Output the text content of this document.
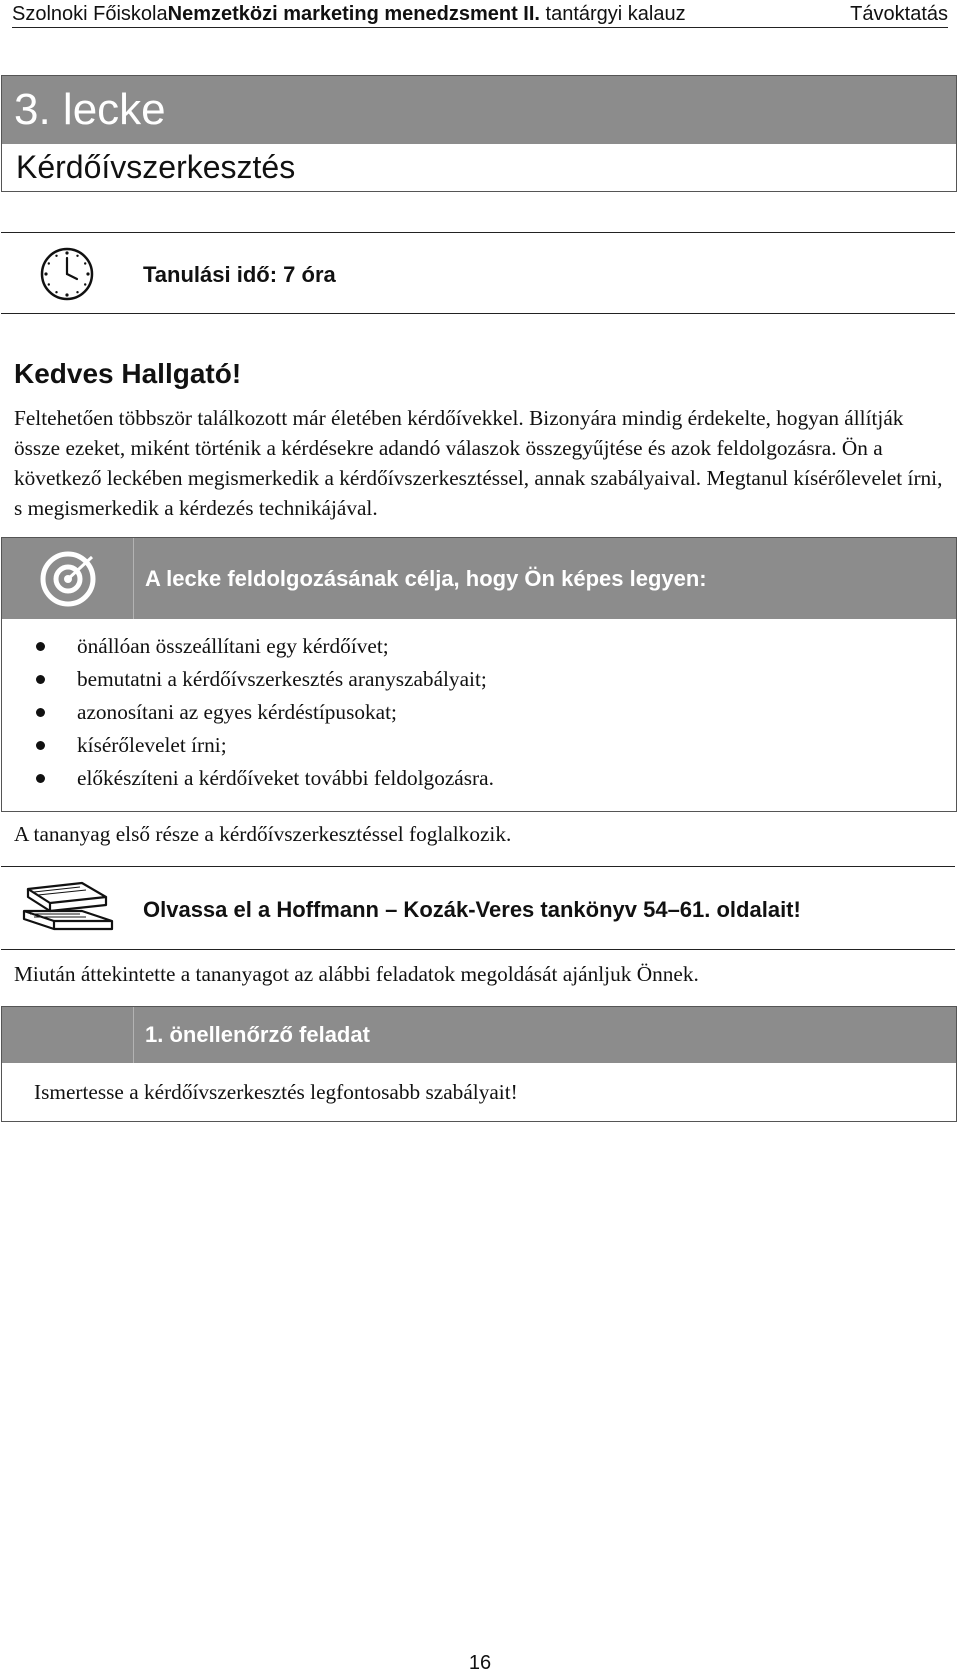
Szolnoki FőiskolaNemzetközi marketing menedzsment II. tantárgyi kalauz	Távoktatás
3. lecke
Kérdőívszerkesztés
Tanulási idő: 7 óra
Kedves Hallgató!
Feltehetően többször találkozott már életében kérdőívekkel. Bizonyára mindig érdekelte, hogyan állítják össze ezeket, miként történik a kérdésekre adandó válaszok összegyűjtése és azok feldolgozásra. Ön a következő leckében megismerkedik a kérdőívszerkesztéssel, annak szabályaival. Megtanul kísérőlevelet írni, s megismerkedik a kérdezés technikájával.
A lecke feldolgozásának célja, hogy Ön képes legyen:
önállóan összeállítani egy kérdőívet;
bemutatni a kérdőívszerkesztés aranyszabályait;
azonosítani az egyes kérdéstípusokat;
kísérőlevelet írni;
előkészíteni a kérdőíveket további feldolgozásra.
A tananyag első része a kérdőívszerkesztéssel foglalkozik.
Olvassa el a Hoffmann – Kozák-Veres tankönyv 54–61. oldalait!
Miután áttekintette a tananyagot az alábbi feladatok megoldását ajánljuk Önnek.
1. önellenőrző feladat
Ismertesse a kérdőívszerkesztés legfontosabb szabályait!
16
